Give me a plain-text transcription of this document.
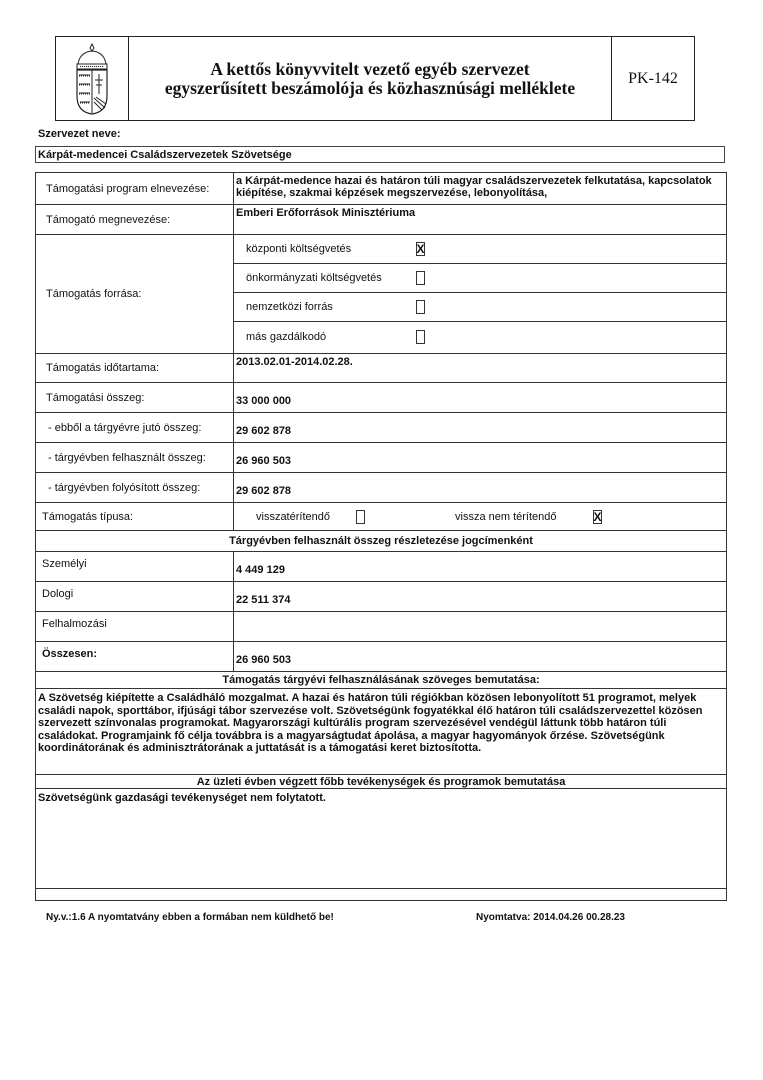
A kettős könyvvitelt vezető egyéb szervezet
egyszerűsített beszámolója és közhasznúsági melléklete	PK-142
Szervezet neve:
Kárpát-medencei Családszervezetek Szövetsége
Támogatási program elnevezése:
a Kárpát-medence hazai és határon túli magyar családszervezetek felkutatása, kapcsolatok kiépítése, szakmai képzések megszervezése, lebonyolítása,
Támogató megnevezése:
Emberi Erőforrások Minisztériuma
Támogatás forrása:
központi költségvetés	X
önkormányzati költségvetés
nemzetközi forrás
más gazdálkodó
Támogatás időtartama:	2013.02.01-2014.02.28.
Támogatási összeg:	33 000 000
- ebből a tárgyévre jutó összeg:	29 602 878
- tárgyévben felhasznált összeg:	26 960 503
- tárgyévben folyósított összeg:	29 602 878
Támogatás típusa:	visszatérítendő	vissza nem térítendő	X
Tárgyévben felhasznált összeg részletezése jogcímenként
Személyi	4 449 129
Dologi	22 511 374
Felhalmozási
Összesen:	26 960 503
Támogatás tárgyévi felhasználásának szöveges bemutatása:
A Szövetség kiépítette a Családháló mozgalmat. A hazai és határon túli régiókban közösen lebonyolított 51 programot, melyek családi napok, sporttábor, ifjúsági tábor szervezése volt. Szövetségünk fogyatékkal élő határon túli családszervezettel közösen szervezett színvonalas programokat. Magyarországi kultúrális program szervezésével vendégül láttunk több határon túli családokat. Programjaink fő célja továbbra is a magyarságtudat ápolása, a magyar hagyományok őrzése. Szövetségünk koordinátorának és adminisztrátorának a juttatását is a támogatási keret biztosította.
Az üzleti évben végzett főbb tevékenységek és programok bemutatása
Szövetségünk gazdasági tevékenységet nem folytatott.
Ny.v.:1.6 A nyomtatvány ebben a formában nem küldhető be!	Nyomtatva: 2014.04.26 00.28.23
